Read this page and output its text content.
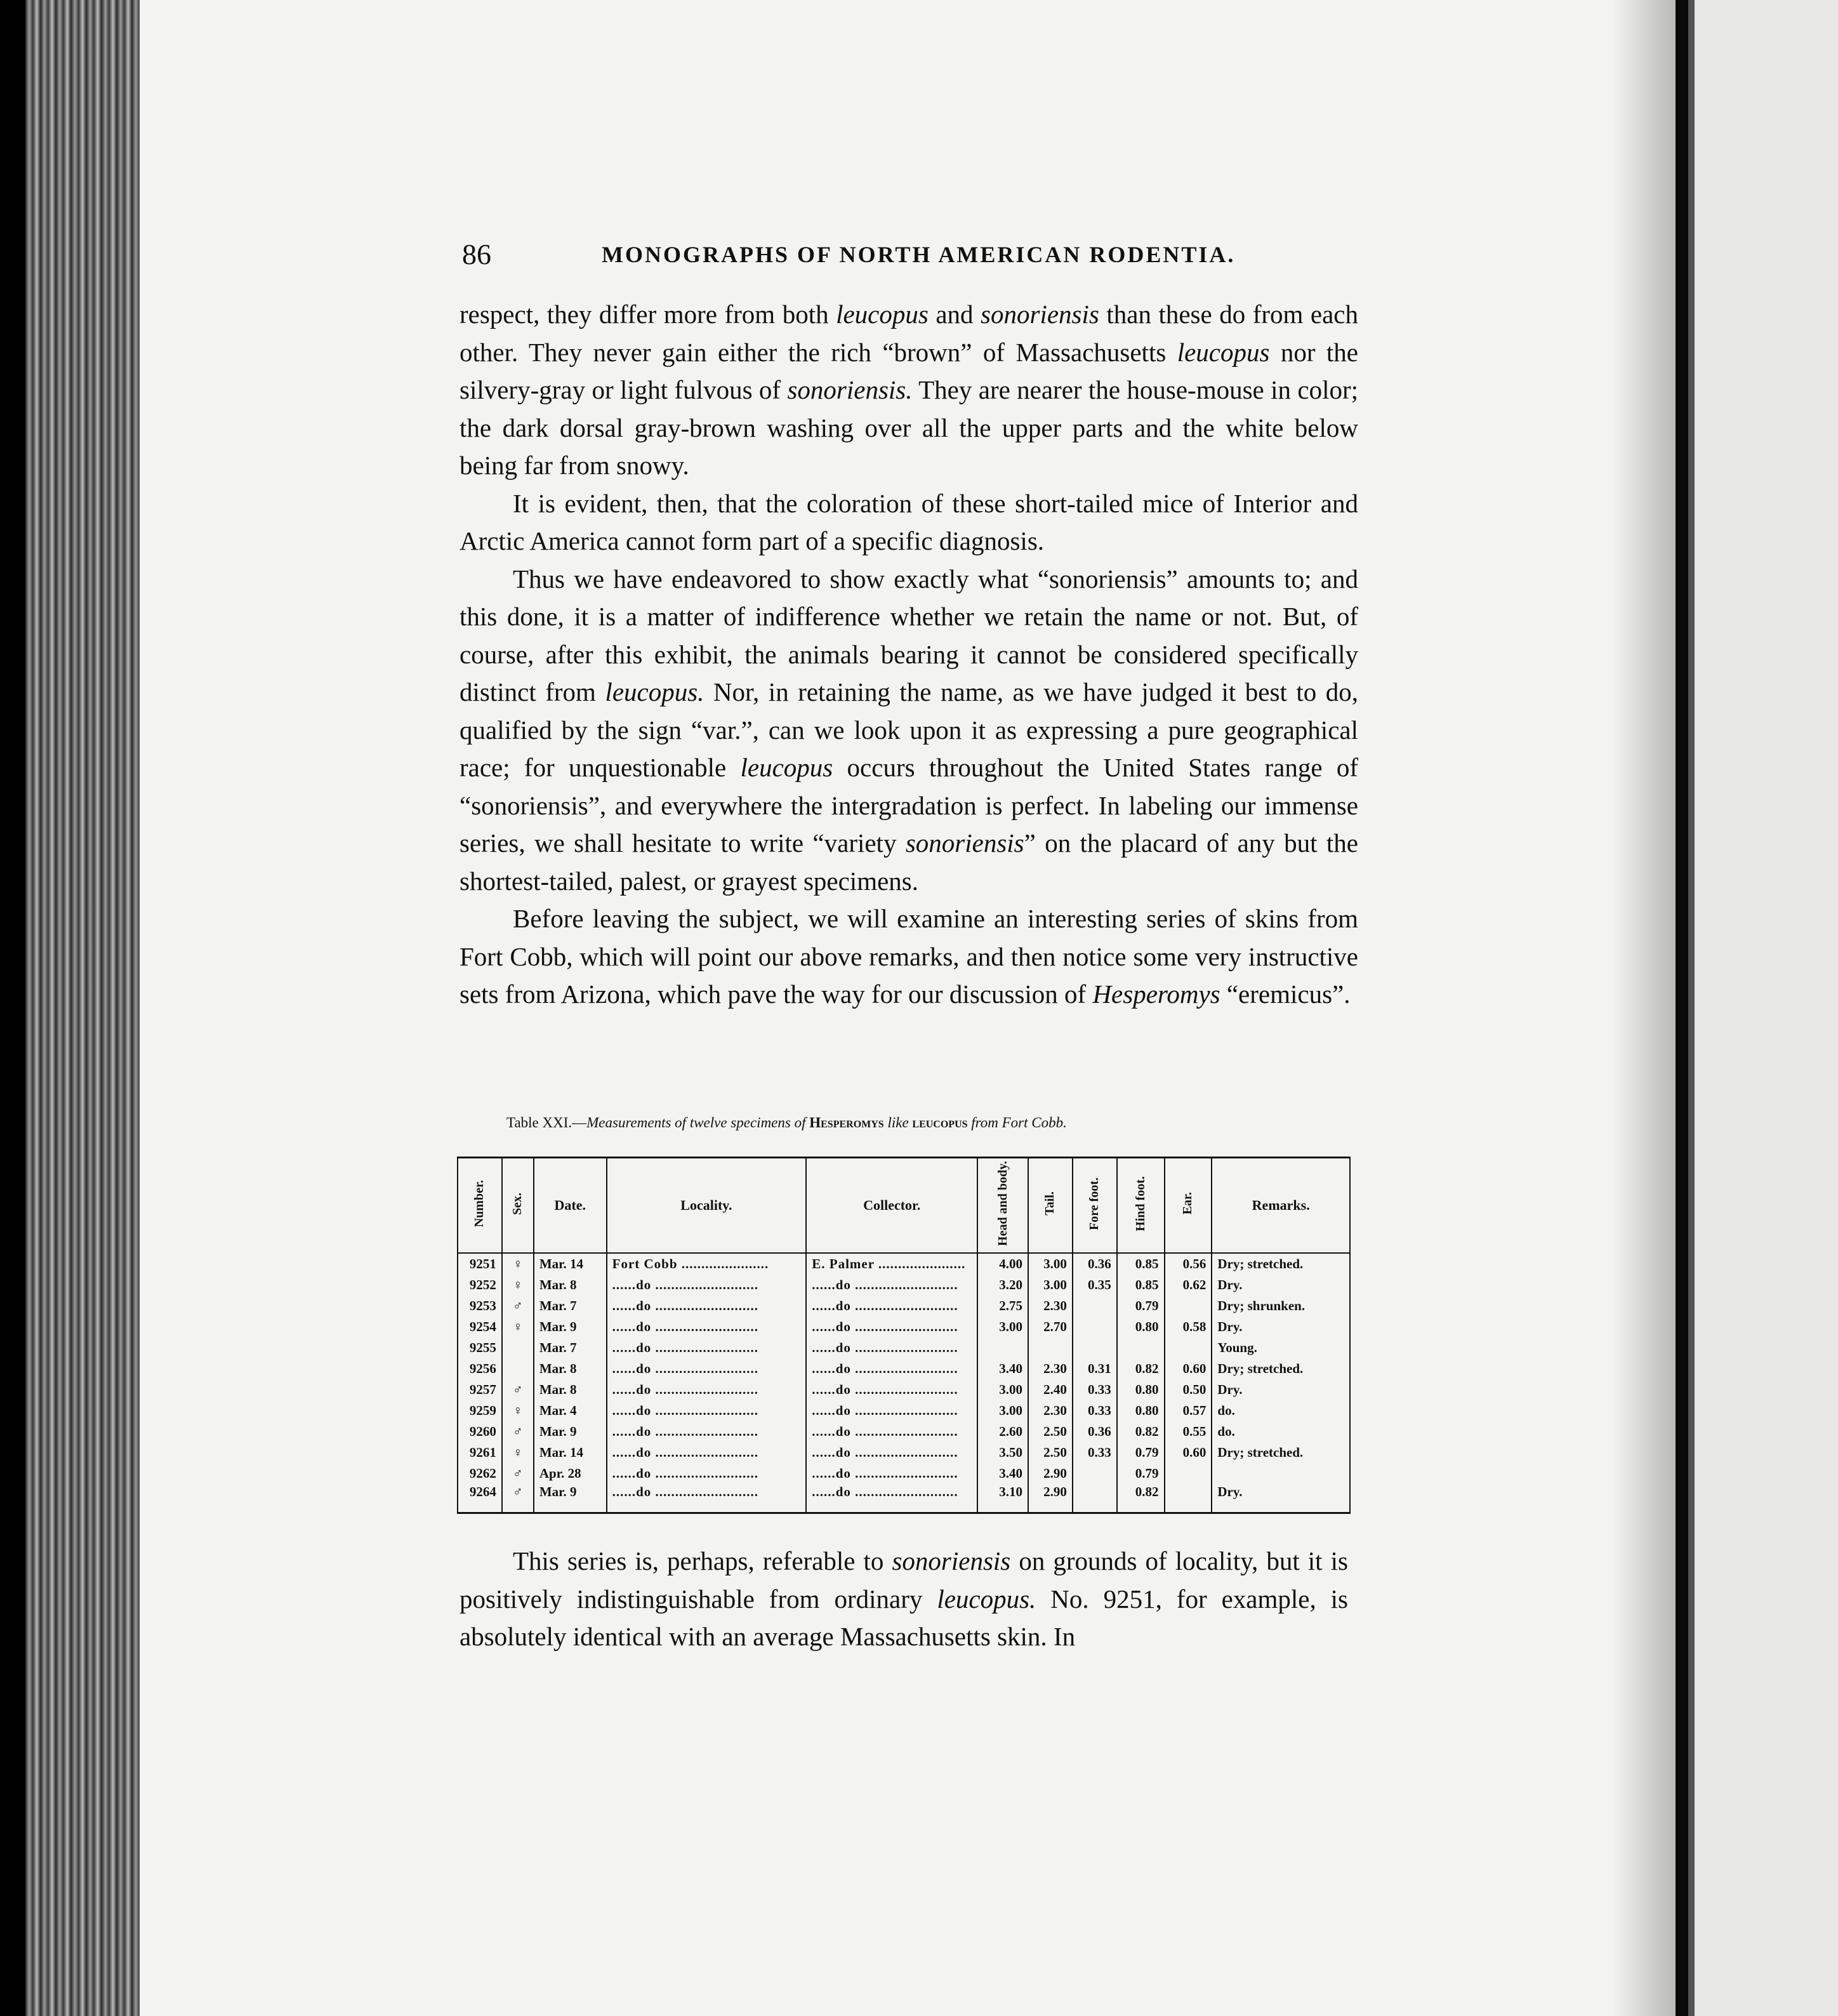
86	MONOGRAPHS OF NORTH AMERICAN RODENTIA.

respect, they differ more from both leucopus and sonoriensis than these do from each other. They never gain either the rich “brown” of Massachusetts leucopus nor the silvery-gray or light fulvous of sonoriensis. They are nearer the house-mouse in color; the dark dorsal gray-brown washing over all the upper parts and the white below being far from snowy.

It is evident, then, that the coloration of these short-tailed mice of Interior and Arctic America cannot form part of a specific diagnosis.

Thus we have endeavored to show exactly what “sonoriensis” amounts to; and this done, it is a matter of indifference whether we retain the name or not. But, of course, after this exhibit, the animals bearing it cannot be considered specifically distinct from leucopus. Nor, in retaining the name, as we have judged it best to do, qualified by the sign “var.”, can we look upon it as expressing a pure geographical race; for unquestionable leucopus occurs throughout the United States range of “sonoriensis”, and everywhere the intergradation is perfect. In labeling our immense series, we shall hesitate to write “variety sonoriensis” on the placard of any but the shortest-tailed, palest, or grayest specimens.

Before leaving the subject, we will examine an interesting series of skins from Fort Cobb, which will point our above remarks, and then notice some very instructive sets from Arizona, which pave the way for our discussion of Hesperomys “eremicus”.

Table XXI.—Measurements of twelve specimens of Hesperomys like leucopus from Fort Cobb.
Number.	Sex.	Date.	Locality.	Collector.	Head and body.	Tail.	Fore foot.	Hind foot.	Ear.	Remarks.
9251	♀	Mar. 14	Fort Cobb ......................	E. Palmer ......................	4.00	3.00	0.36	0.85	0.56	Dry; stretched.
9252	♀	Mar. 8	......do ..........................	......do ..........................	3.20	3.00	0.35	0.85	0.62	Dry.
9253	♂	Mar. 7	......do ..........................	......do ..........................	2.75	2.30		0.79		Dry; shrunken.
9254	♀	Mar. 9	......do ..........................	......do ..........................	3.00	2.70		0.80	0.58	Dry.
9255		Mar. 7	......do ..........................	......do ..........................						Young.
9256		Mar. 8	......do ..........................	......do ..........................	3.40	2.30	0.31	0.82	0.60	Dry; stretched.
9257	♂	Mar. 8	......do ..........................	......do ..........................	3.00	2.40	0.33	0.80	0.50	Dry.
9259	♀	Mar. 4	......do ..........................	......do ..........................	3.00	2.30	0.33	0.80	0.57	do.
9260	♂	Mar. 9	......do ..........................	......do ..........................	2.60	2.50	0.36	0.82	0.55	do.
9261	♀	Mar. 14	......do ..........................	......do ..........................	3.50	2.50	0.33	0.79	0.60	Dry; stretched.
9262	♂	Apr. 28	......do ..........................	......do ..........................	3.40	2.90		0.79		
9264	♂	Mar. 9	......do ..........................	......do ..........................	3.10	2.90		0.82		Dry.

This series is, perhaps, referable to sonoriensis on grounds of locality, but it is positively indistinguishable from ordinary leucopus. No. 9251, for example, is absolutely identical with an average Massachusetts skin. In
